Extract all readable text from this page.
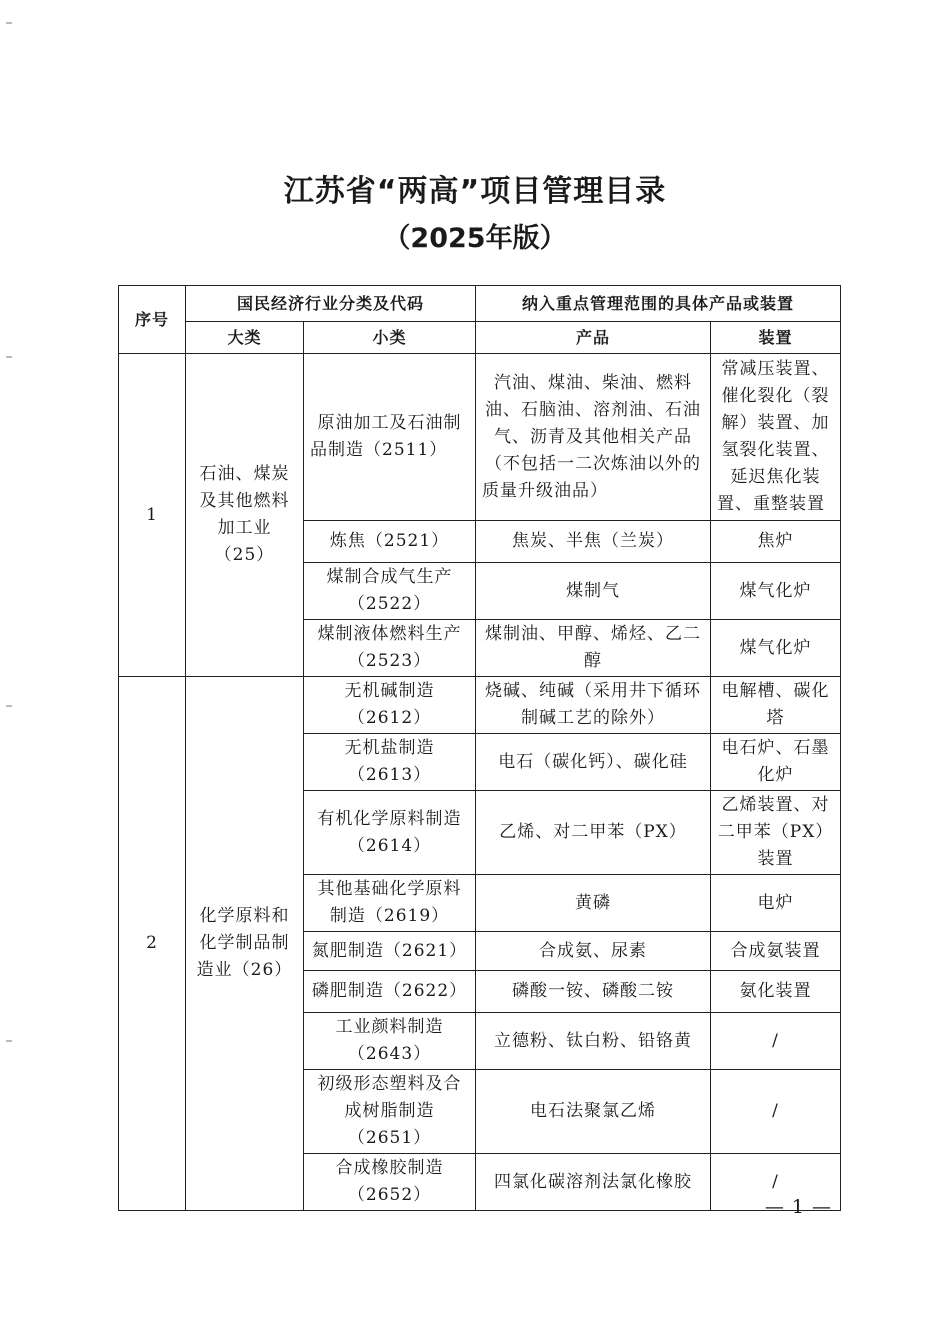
江苏省“两高”项目管理目录
（2025年版）
序号	国民经济行业分类及代码		纳入重点管理范围的具体产品或装置	
	大类	小类	产品	装置
1	石油、煤炭及其他燃料加工业（25）	原油加工及石油制品制造（2511）	汽油、煤油、柴油、燃料油、石脑油、溶剂油、石油气、沥青及其他相关产品（不包括一二次炼油以外的质量升级油品）	常减压装置、催化裂化（裂解）装置、加氢裂化装置、延迟焦化装置、重整装置
		炼焦（2521）	焦炭、半焦（兰炭）	焦炉
		煤制合成气生产（2522）	煤制气	煤气化炉
		煤制液体燃料生产（2523）	煤制油、甲醇、烯烃、乙二醇	煤气化炉
2	化学原料和化学制品制造业（26）	无机碱制造（2612）	烧碱、纯碱（采用井下循环制碱工艺的除外）	电解槽、碳化塔
		无机盐制造（2613）	电石（碳化钙）、碳化硅	电石炉、石墨化炉
		有机化学原料制造（2614）	乙烯、对二甲苯（PX）	乙烯装置、对二甲苯（PX）装置
		其他基础化学原料制造（2619）	黄磷	电炉
		氮肥制造（2621）	合成氨、尿素	合成氨装置
		磷肥制造（2622）	磷酸一铵、磷酸二铵	氨化装置
		工业颜料制造（2643）	立德粉、钛白粉、铅铬黄	/
		初级形态塑料及合成树脂制造（2651）	电石法聚氯乙烯	/
		合成橡胶制造（2652）	四氯化碳溶剂法氯化橡胶	/
— 1 —
